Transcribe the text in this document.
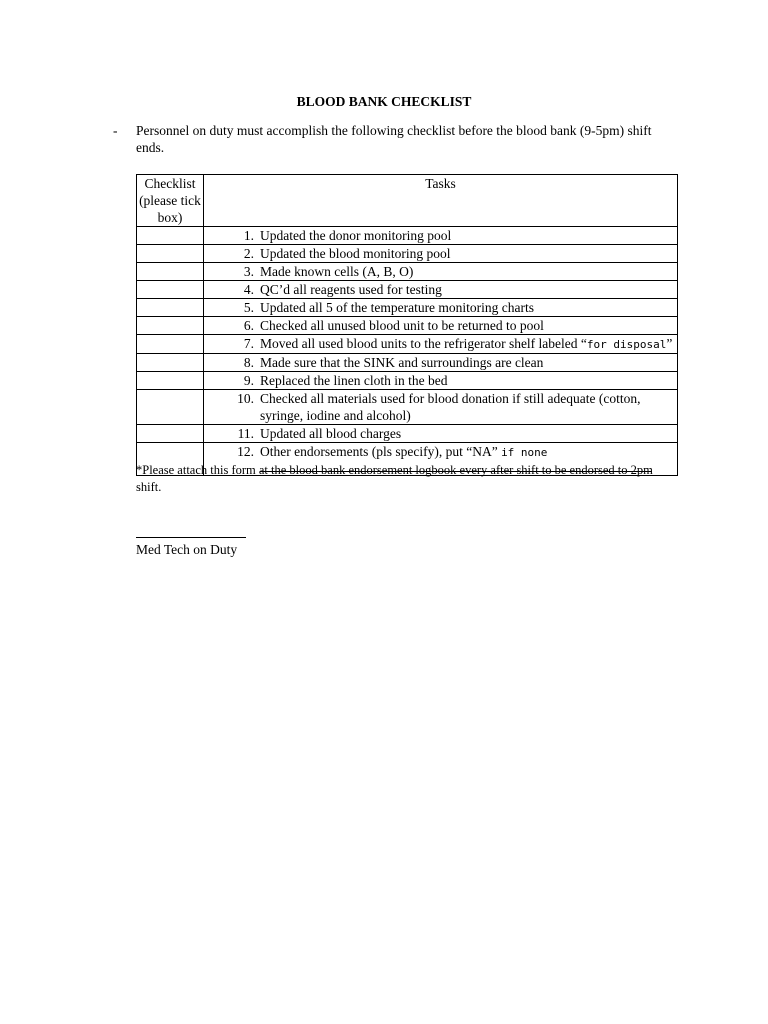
BLOOD BANK CHECKLIST
- Personnel on duty must accomplish the following checklist before the blood bank (9-5pm) shift ends.
Checklist (please tick box)	Tasks

	1. Updated the donor monitoring pool

	2. Updated the blood monitoring pool

	3. Made known cells (A, B, O)

	4. QC’d all reagents used for testing

	5. Updated all 5 of the temperature monitoring charts

	6. Checked all unused blood unit to be returned to pool

	7. Moved all used blood units to the refrigerator shelf labeled “for disposal”

	8. Made sure that the SINK and surroundings are clean

	9. Replaced the linen cloth in the bed

	10. Checked all materials used for blood donation if still adequate (cotton, syringe, iodine and alcohol)

	11. Updated all blood charges

	12. Other endorsements (pls specify), put “NA” if none
*Please attach this form at the blood bank endorsement logbook every after shift to be endorsed to 2pm shift.
Med Tech on Duty
